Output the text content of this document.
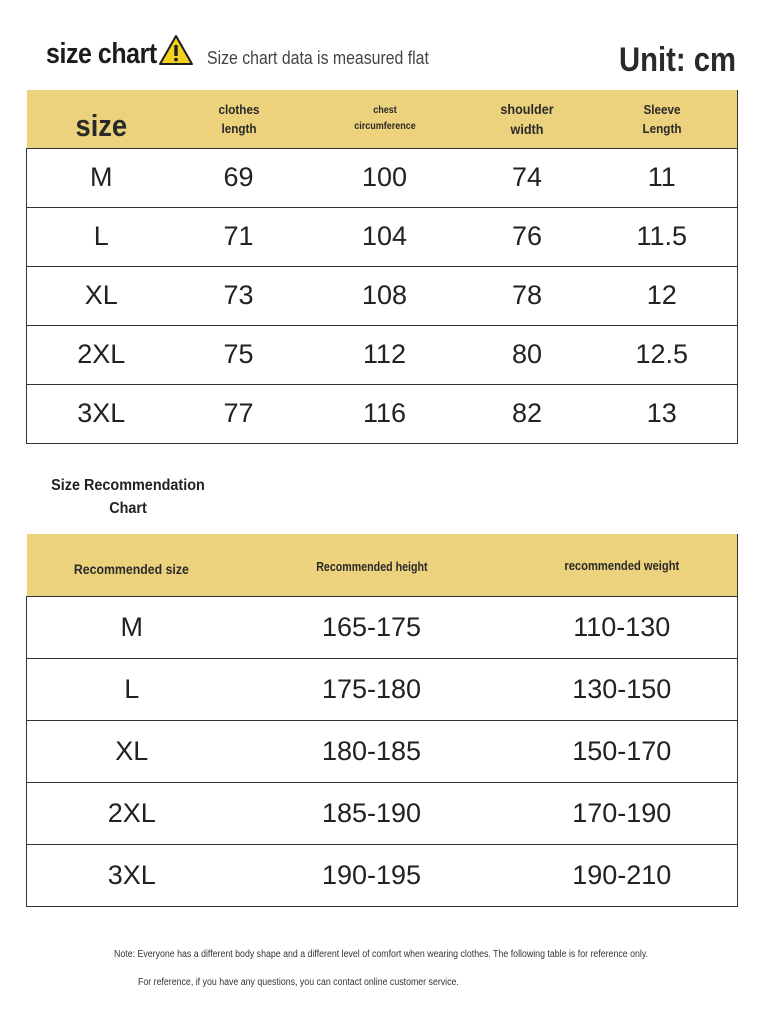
size chart	Size chart data is measured flat	Unit: cm
size	clothes length	chest circumference	shoulder width	Sleeve Length
M	69	100	74	11
L	71	104	76	11.5
XL	73	108	78	12
2XL	75	112	80	12.5
3XL	77	116	82	13
Size Recommendation
Chart
Recommended size	Recommended height	recommended weight
M	165-175	110-130
L	175-180	130-150
XL	180-185	150-170
2XL	185-190	170-190
3XL	190-195	190-210
Note: Everyone has a different body shape and a different level of comfort when wearing clothes. The following table is for reference only.
For reference, if you have any questions, you can contact online customer service.
